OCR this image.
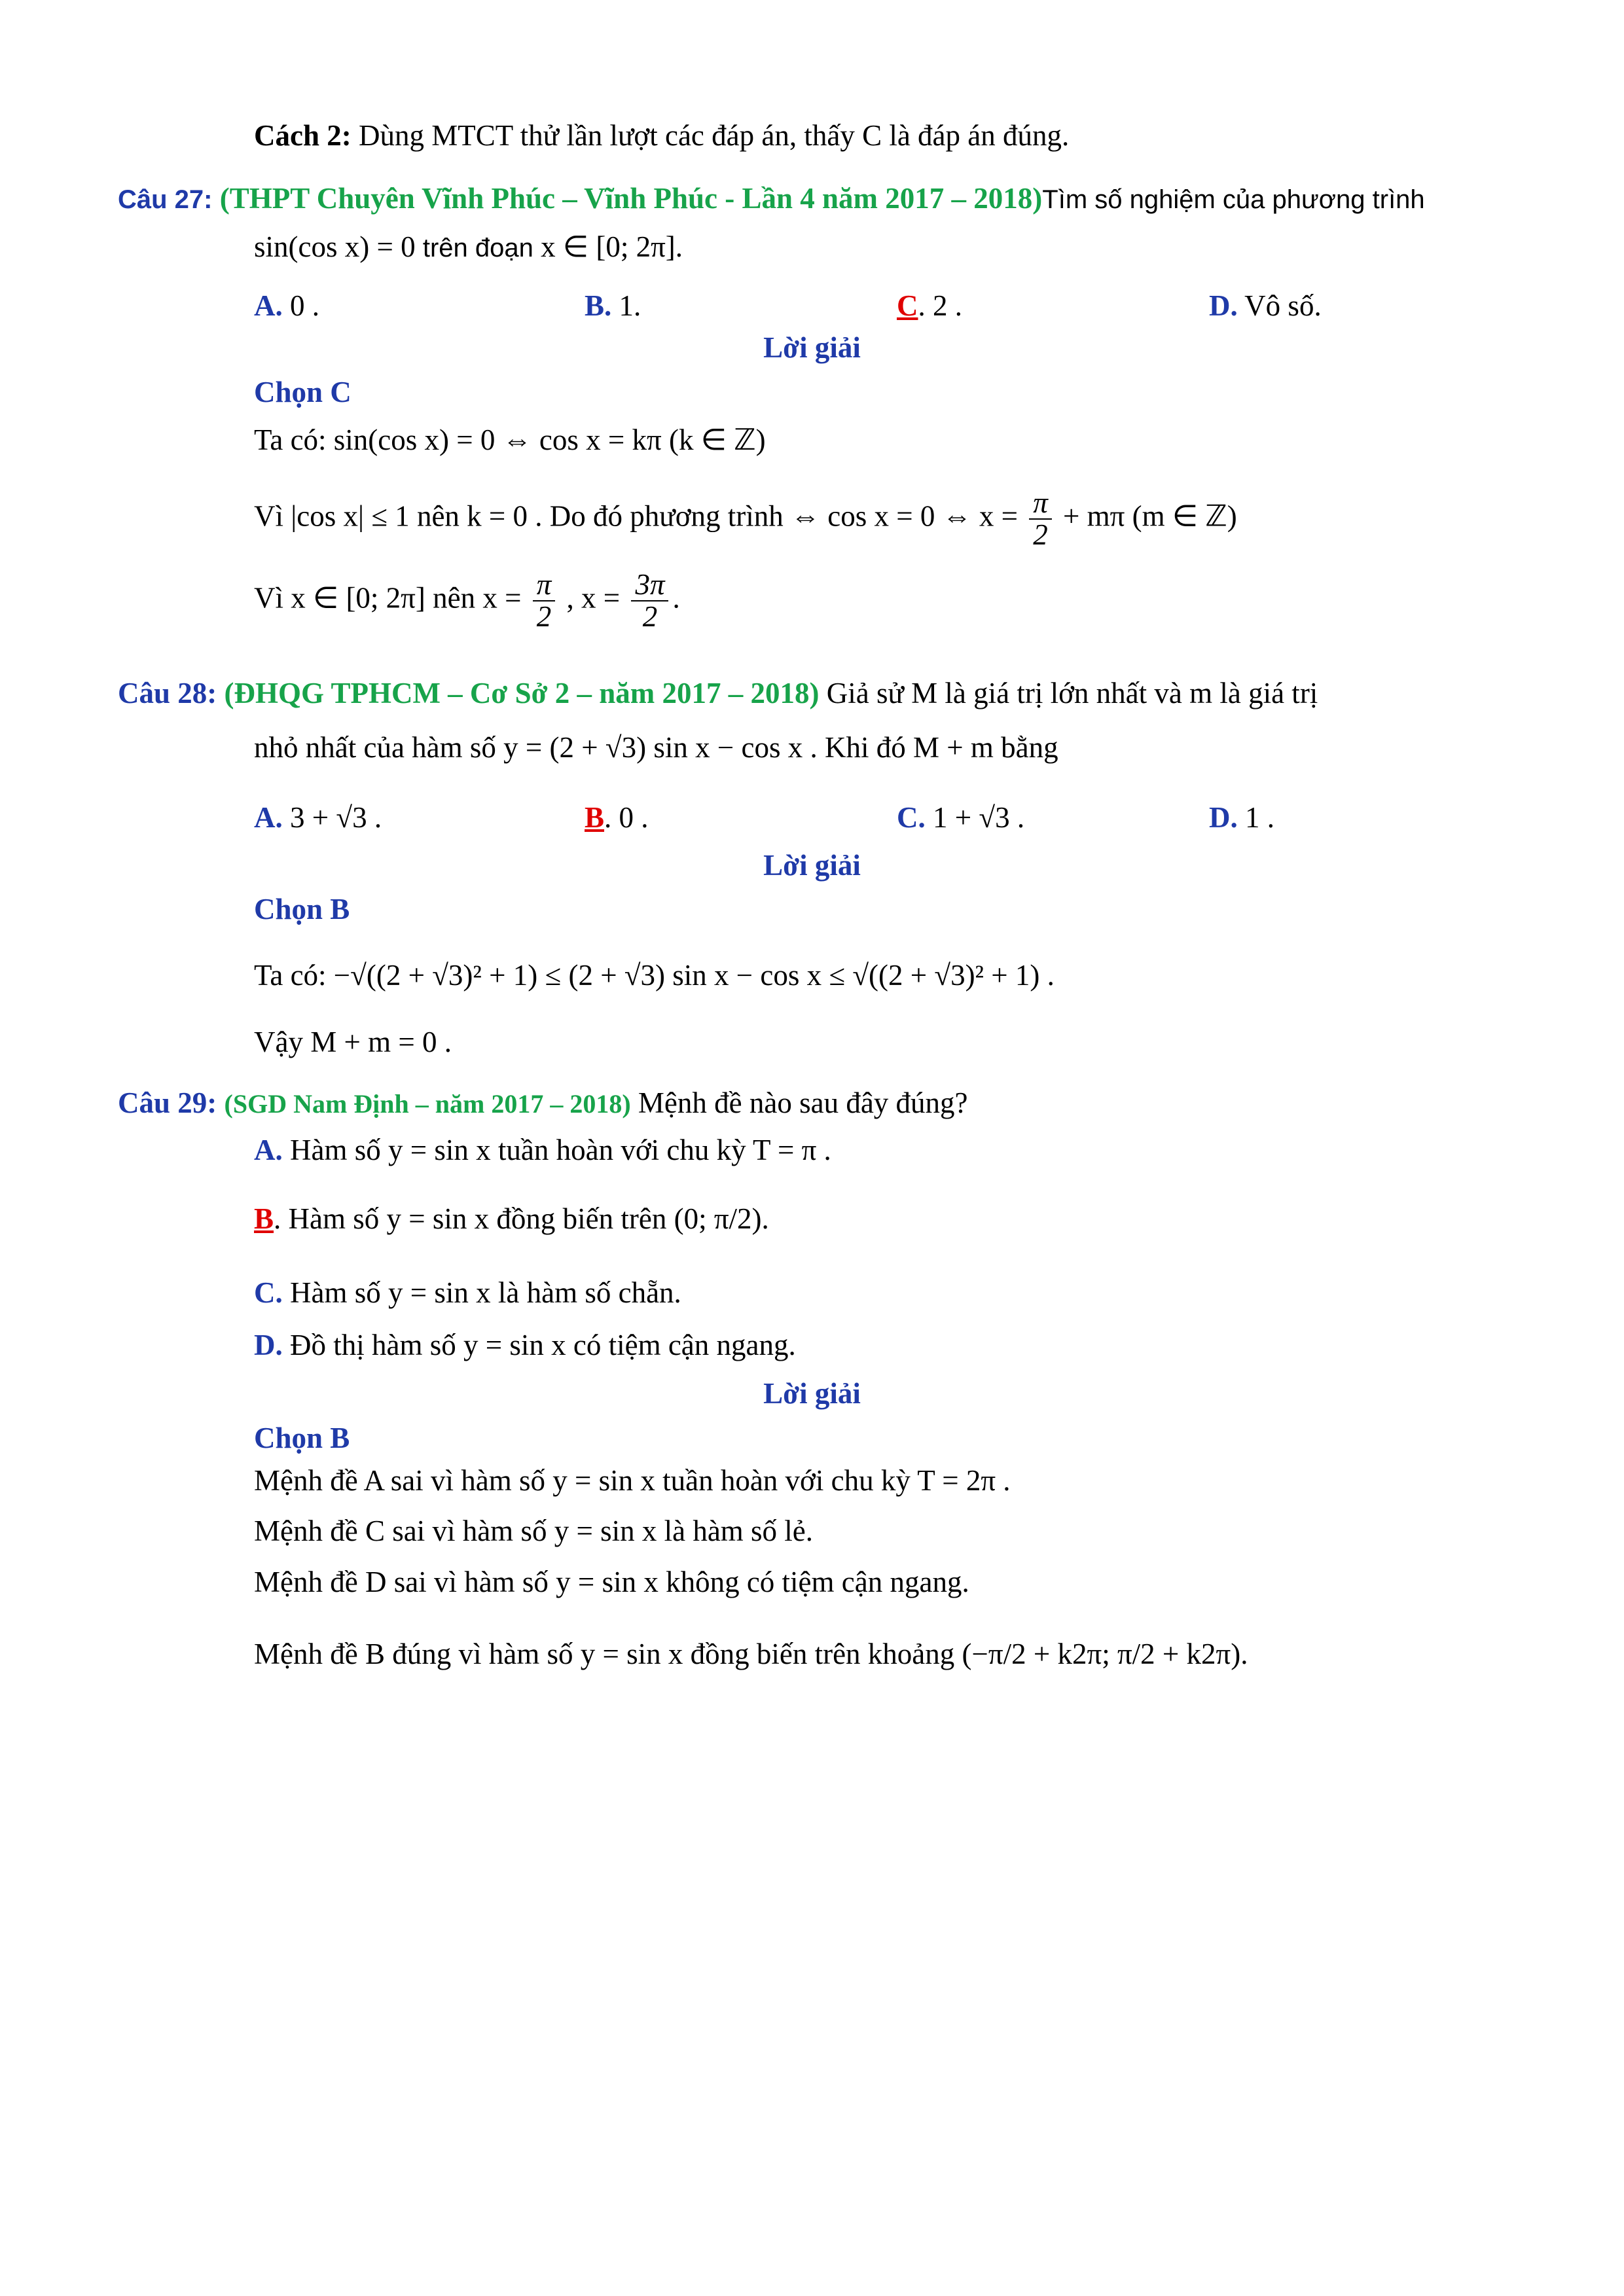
Cách 2: Dùng MTCT thử lần lượt các đáp án, thấy C là đáp án đúng.
Câu 27: (THPT Chuyên Vĩnh Phúc – Vĩnh Phúc - Lần 4 năm 2017 – 2018)Tìm số nghiệm của phương trình
sin(cos x) = 0 trên đoạn x ∈ [0; 2π].
A. 0 .	B. 1.	C. 2 .	D. Vô số.
Lời giải
Chọn C
Ta có: sin(cos x) = 0 ⇔ cos x = kπ (k ∈ ℤ)
Vì |cos x| ≤ 1 nên k = 0 . Do đó phương trình ⇔ cos x = 0 ⇔ $x = \frac{\pi}{2} + m\pi$ (m ∈ ℤ)
Vì x ∈ [0; 2π] nên $x = \frac{\pi}{2}$ , $x = \frac{3\pi}{2}$ .
Câu 28: (ĐHQG TPHCM – Cơ Sở 2 – năm 2017 – 2018) Giả sử M là giá trị lớn nhất và m là giá trị
nhỏ nhất của hàm số y = (2 + √3) sin x − cos x . Khi đó M + m bằng
A. 3 + √3 .	B. 0 .	C. 1 + √3 .	D. 1 .
Lời giải
Chọn B
Ta có: −√((2 + √3)² + 1) ≤ (2 + √3) sin x − cos x ≤ √((2 + √3)² + 1) .
Vậy M + m = 0 .
Câu 29: (SGD Nam Định – năm 2017 – 2018) Mệnh đề nào sau đây đúng?
A. Hàm số y = sin x tuần hoàn với chu kỳ T = π .
B. Hàm số y = sin x đồng biến trên (0; π/2).
C. Hàm số y = sin x là hàm số chẵn.
D. Đồ thị hàm số y = sin x có tiệm cận ngang.
Lời giải
Chọn B
Mệnh đề A sai vì hàm số y = sin x tuần hoàn với chu kỳ T = 2π .
Mệnh đề C sai vì hàm số y = sin x là hàm số lẻ.
Mệnh đề D sai vì hàm số y = sin x không có tiệm cận ngang.
Mệnh đề B đúng vì hàm số y = sin x đồng biến trên khoảng (−π/2 + k2π; π/2 + k2π).
